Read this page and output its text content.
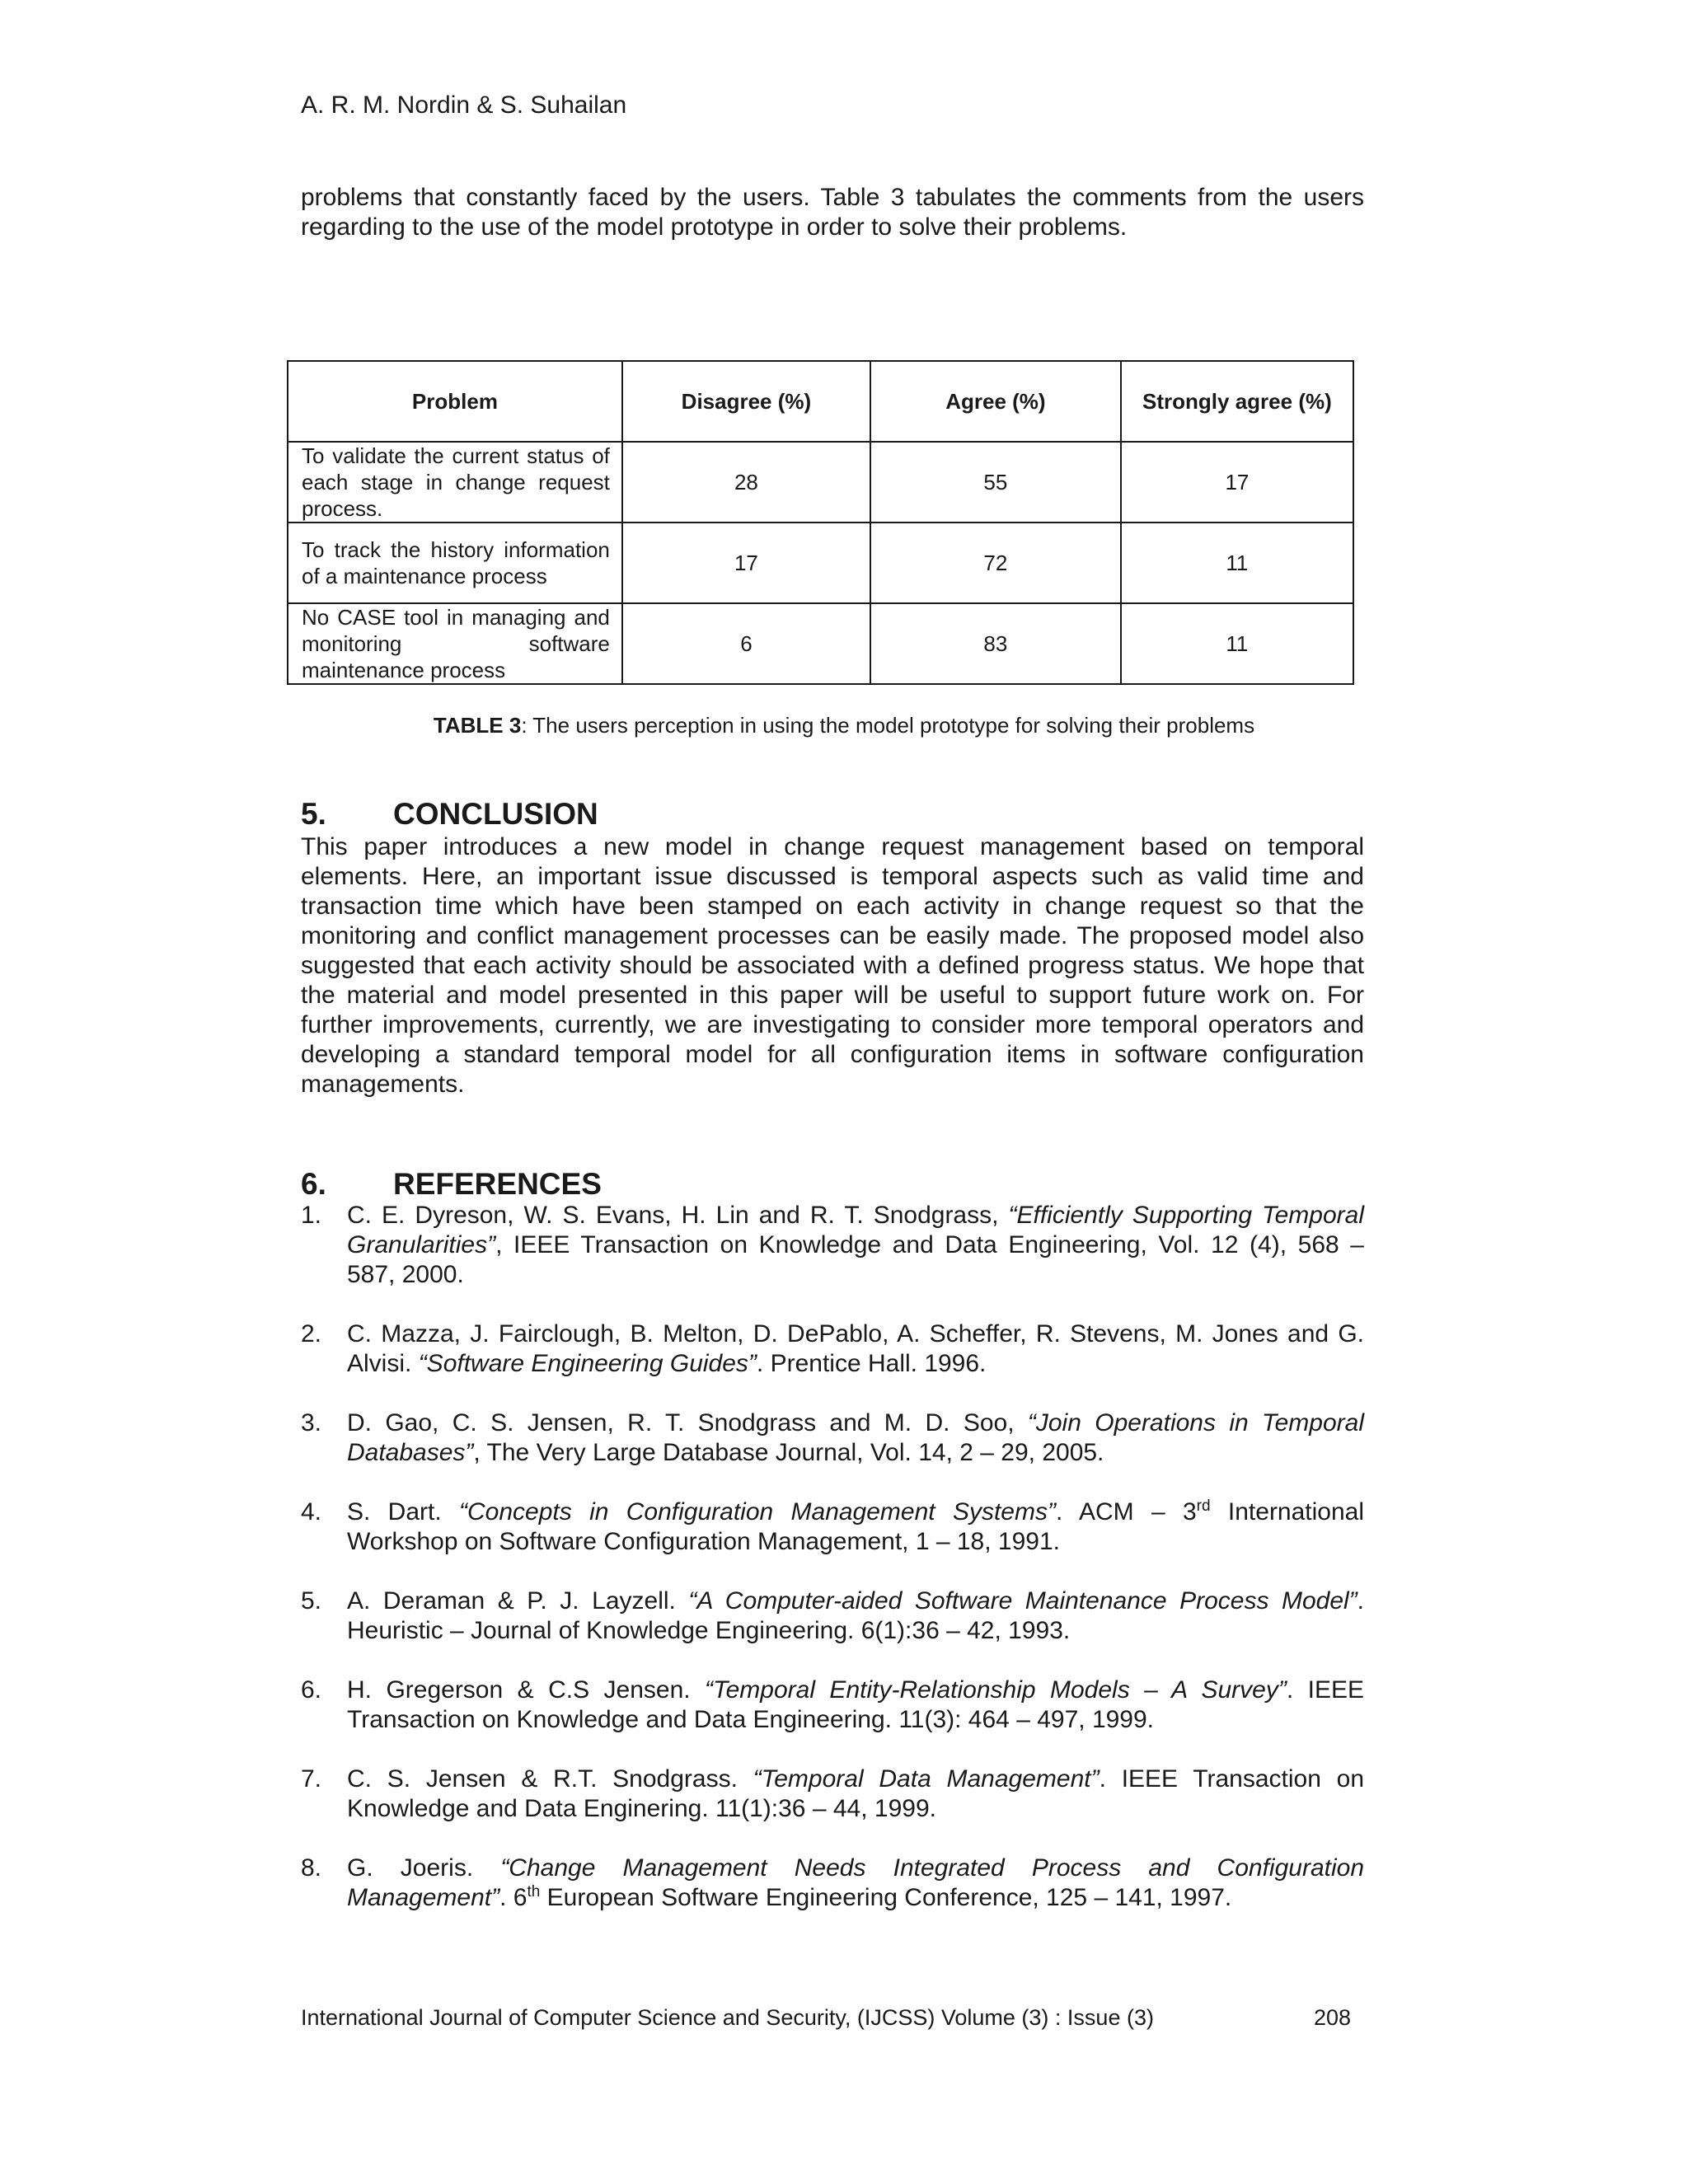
A. R. M. Nordin & S. Suhailan

problems that constantly faced by the users. Table 3 tabulates the comments from the users regarding to the use of the model prototype in order to solve their problems.

Problem	Disagree (%)	Agree (%)	Strongly agree (%)
To validate the current status of each stage in change request process.	28	55	17
To track the history information of a maintenance process	17	72	11
No CASE tool in managing and monitoring software maintenance process	6	83	11
TABLE 3: The users perception in using the model prototype for solving their problems
5. CONCLUSION

This paper introduces a new model in change request management based on temporal elements. Here, an important issue discussed is temporal aspects such as valid time and transaction time which have been stamped on each activity in change request so that the monitoring and conflict management processes can be easily made. The proposed model also suggested that each activity should be associated with a defined progress status. We hope that the material and model presented in this paper will be useful to support future work on. For further improvements, currently, we are investigating to consider more temporal operators and developing a standard temporal model for all configuration items in software configuration managements.

6. REFERENCES
1. C. E. Dyreson, W. S. Evans, H. Lin and R. T. Snodgrass, “Efficiently Supporting Temporal Granularities”, IEEE Transaction on Knowledge and Data Engineering, Vol. 12 (4), 568 – 587, 2000.
2. C. Mazza, J. Fairclough, B. Melton, D. DePablo, A. Scheffer, R. Stevens, M. Jones and G. Alvisi. “Software Engineering Guides”. Prentice Hall. 1996.
3. D. Gao, C. S. Jensen, R. T. Snodgrass and M. D. Soo, “Join Operations in Temporal Databases”, The Very Large Database Journal, Vol. 14, 2 – 29, 2005.
4. S. Dart. “Concepts in Configuration Management Systems”. ACM – 3rd International Workshop on Software Configuration Management, 1 – 18, 1991.
5. A. Deraman & P. J. Layzell. “A Computer-aided Software Maintenance Process Model”. Heuristic – Journal of Knowledge Engineering. 6(1):36 – 42, 1993.
6. H. Gregerson & C.S Jensen. “Temporal Entity-Relationship Models – A Survey”. IEEE Transaction on Knowledge and Data Engineering. 11(3): 464 – 497, 1999.
7. C. S. Jensen & R.T. Snodgrass. “Temporal Data Management”. IEEE Transaction on Knowledge and Data Enginering. 11(1):36 – 44, 1999.
8. G. Joeris. “Change Management Needs Integrated Process and Configuration Management”. 6th European Software Engineering Conference, 125 – 141, 1997.
International Journal of Computer Science and Security, (IJCSS) Volume (3) : Issue (3)	208
